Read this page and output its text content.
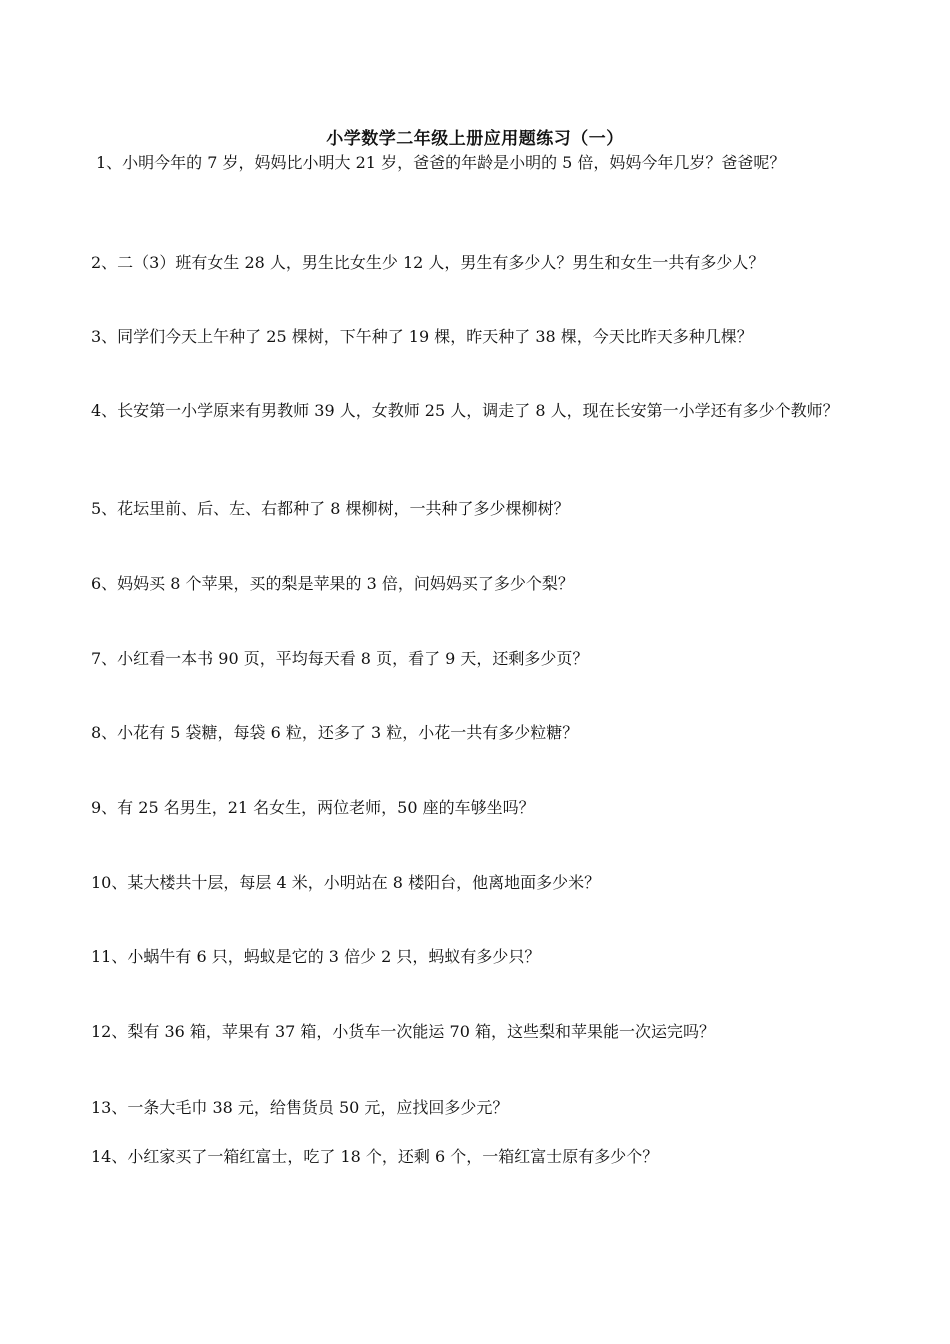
小学数学二年级上册应用题练习（一）
1、小明今年的 7 岁，妈妈比小明大 21 岁，爸爸的年龄是小明的 5 倍，妈妈今年几岁？爸爸呢？
2、二（3）班有女生 28 人，男生比女生少 12 人，男生有多少人？男生和女生一共有多少人？
3、同学们今天上午种了 25 棵树，下午种了 19 棵，昨天种了 38 棵，今天比昨天多种几棵？
4、长安第一小学原来有男教师 39 人，女教师 25 人，调走了 8 人，现在长安第一小学还有多少个教师？
5、花坛里前、后、左、右都种了 8 棵柳树，一共种了多少棵柳树？
6、妈妈买 8 个苹果，买的梨是苹果的 3 倍，问妈妈买了多少个梨？
7、小红看一本书 90 页，平均每天看 8 页，看了 9 天，还剩多少页？
8、小花有 5 袋糖，每袋 6 粒，还多了 3 粒，小花一共有多少粒糖？
9、有 25 名男生，21 名女生，两位老师，50 座的车够坐吗？
10、某大楼共十层，每层 4 米，小明站在 8 楼阳台，他离地面多少米？
11、小蜗牛有 6 只，蚂蚁是它的 3 倍少 2 只，蚂蚁有多少只？
12、梨有 36 箱，苹果有 37 箱，小货车一次能运 70 箱，这些梨和苹果能一次运完吗？
13、一条大毛巾 38 元，给售货员 50 元，应找回多少元？
14、小红家买了一箱红富士，吃了 18 个，还剩 6 个，一箱红富士原有多少个？
